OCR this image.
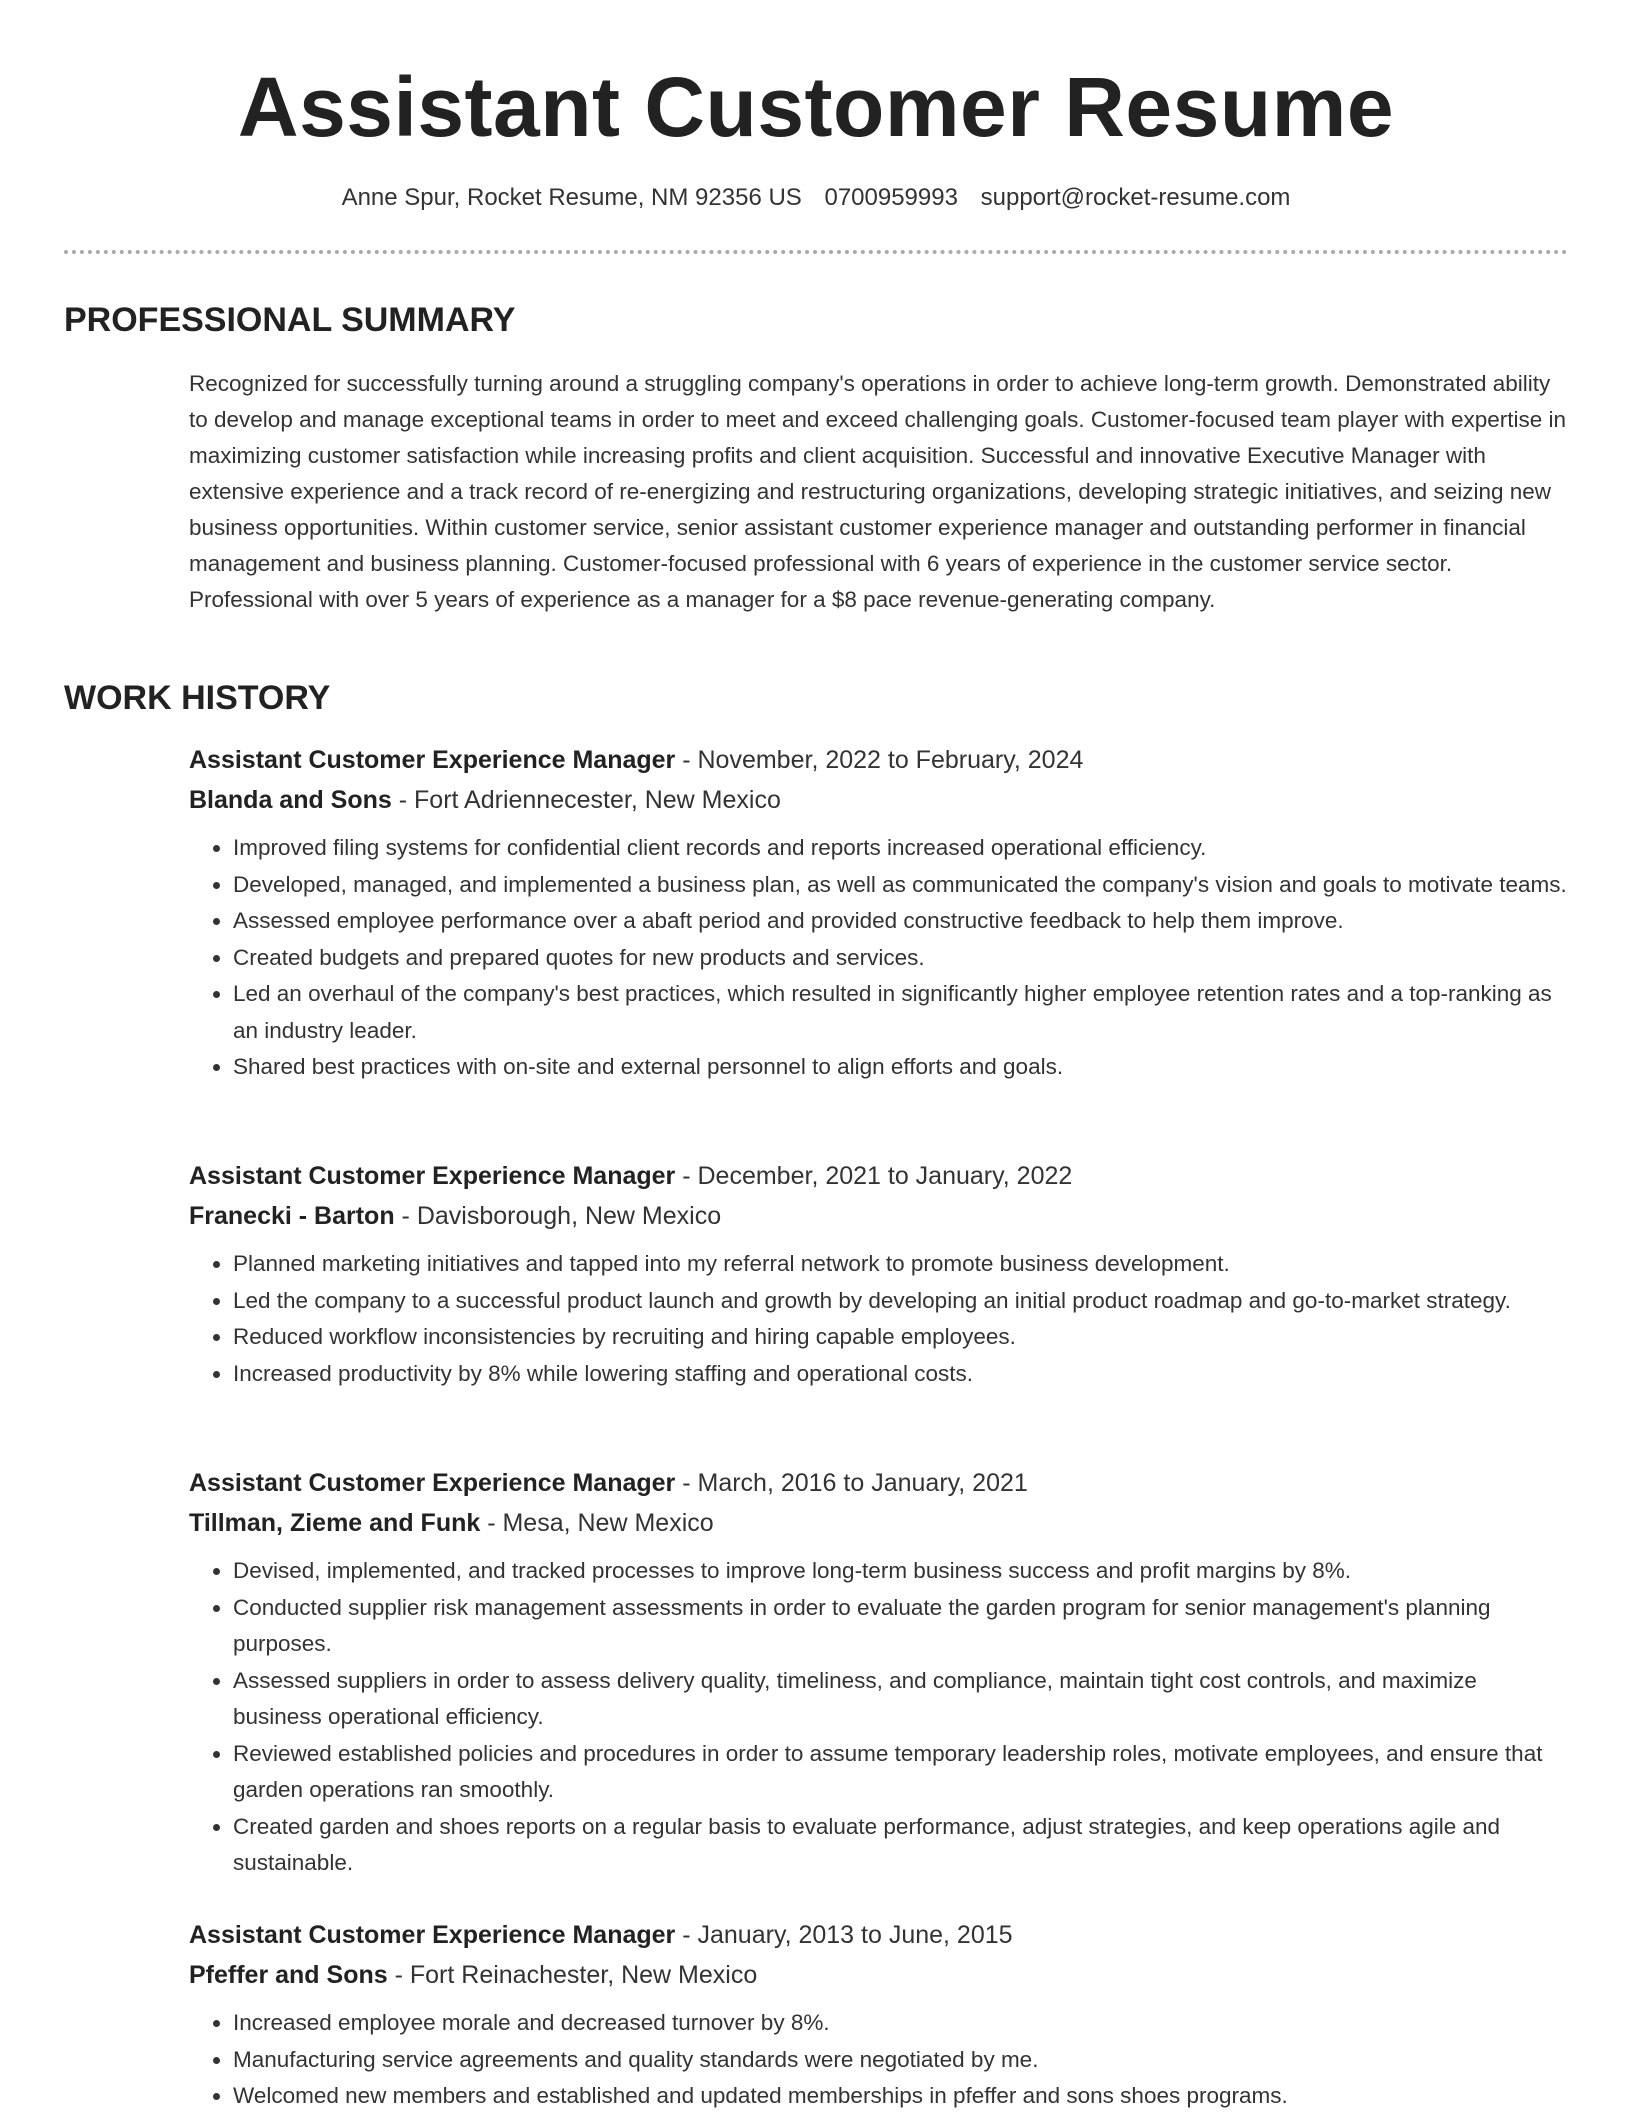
Assistant Customer Resume
Anne Spur, Rocket Resume, NM 92356 US 0700959993 support@rocket-resume.com
PROFESSIONAL SUMMARY
Recognized for successfully turning around a struggling company's operations in order to achieve long-term growth. Demonstrated ability to develop and manage exceptional teams in order to meet and exceed challenging goals. Customer-focused team player with expertise in maximizing customer satisfaction while increasing profits and client acquisition. Successful and innovative Executive Manager with extensive experience and a track record of re-energizing and restructuring organizations, developing strategic initiatives, and seizing new business opportunities. Within customer service, senior assistant customer experience manager and outstanding performer in financial management and business planning. Customer-focused professional with 6 years of experience in the customer service sector. Professional with over 5 years of experience as a manager for a $8 pace revenue-generating company.
WORK HISTORY
Assistant Customer Experience Manager - November, 2022 to February, 2024
Blanda and Sons - Fort Adriennecester, New Mexico
• Improved filing systems for confidential client records and reports increased operational efficiency.
• Developed, managed, and implemented a business plan, as well as communicated the company's vision and goals to motivate teams.
• Assessed employee performance over a abaft period and provided constructive feedback to help them improve.
• Created budgets and prepared quotes for new products and services.
• Led an overhaul of the company's best practices, which resulted in significantly higher employee retention rates and a top-ranking as an industry leader.
• Shared best practices with on-site and external personnel to align efforts and goals.
Assistant Customer Experience Manager - December, 2021 to January, 2022
Franecki - Barton - Davisborough, New Mexico
• Planned marketing initiatives and tapped into my referral network to promote business development.
• Led the company to a successful product launch and growth by developing an initial product roadmap and go-to-market strategy.
• Reduced workflow inconsistencies by recruiting and hiring capable employees.
• Increased productivity by 8% while lowering staffing and operational costs.
Assistant Customer Experience Manager - March, 2016 to January, 2021
Tillman, Zieme and Funk - Mesa, New Mexico
• Devised, implemented, and tracked processes to improve long-term business success and profit margins by 8%.
• Conducted supplier risk management assessments in order to evaluate the garden program for senior management's planning purposes.
• Assessed suppliers in order to assess delivery quality, timeliness, and compliance, maintain tight cost controls, and maximize business operational efficiency.
• Reviewed established policies and procedures in order to assume temporary leadership roles, motivate employees, and ensure that garden operations ran smoothly.
• Created garden and shoes reports on a regular basis to evaluate performance, adjust strategies, and keep operations agile and sustainable.
Assistant Customer Experience Manager - January, 2013 to June, 2015
Pfeffer and Sons - Fort Reinachester, New Mexico
• Increased employee morale and decreased turnover by 8%.
• Manufacturing service agreements and quality standards were negotiated by me.
• Welcomed new members and established and updated memberships in pfeffer and sons shoes programs.
